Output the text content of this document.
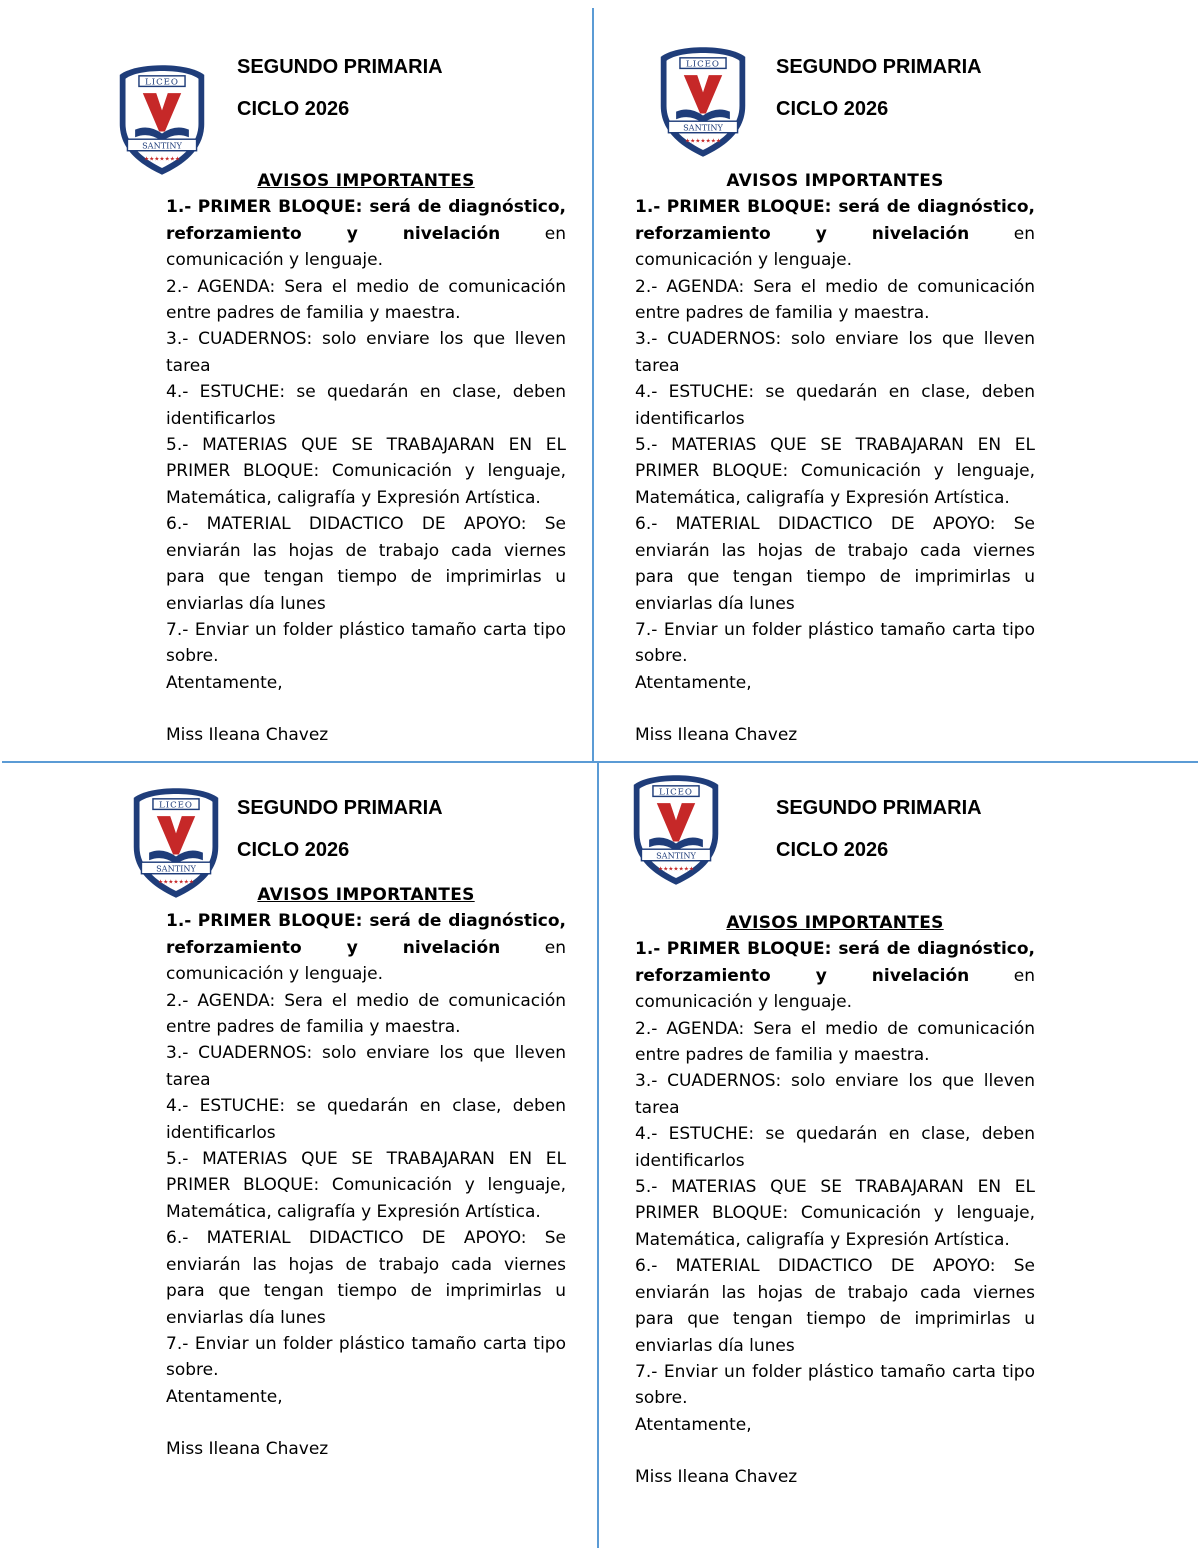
LICEO
SANTINY
★★★★★★★
SEGUNDO PRIMARIA
CICLO 2026
AVISOS IMPORTANTES
1.- PRIMER BLOQUE: será de diagnóstico, reforzamiento y nivelación	en comunicación y lenguaje.
2.- AGENDA: Sera el medio de comunicación entre padres de familia y maestra.
3.- CUADERNOS: solo enviare los que lleven tarea
4.- ESTUCHE: se quedarán en clase, deben identificarlos
5.- MATERIAS QUE SE TRABAJARAN EN EL PRIMER BLOQUE: Comunicación y lenguaje, Matemática, caligrafía y Expresión Artística.
6.- MATERIAL DIDACTICO DE APOYO: Se enviarán las hojas de trabajo cada viernes para que tengan tiempo de imprimirlas u enviarlas día lunes
7.- Enviar un folder plástico tamaño carta tipo sobre.
Atentamente,
Miss Ileana Chavez
LICEO
SANTINY
★★★★★★★
SEGUNDO PRIMARIA
CICLO 2026
AVISOS IMPORTANTES
1.- PRIMER BLOQUE: será de diagnóstico, reforzamiento y nivelación	en comunicación y lenguaje.
2.- AGENDA: Sera el medio de comunicación entre padres de familia y maestra.
3.- CUADERNOS: solo enviare los que lleven tarea
4.- ESTUCHE: se quedarán en clase, deben identificarlos
5.- MATERIAS QUE SE TRABAJARAN EN EL PRIMER BLOQUE: Comunicación y lenguaje, Matemática, caligrafía y Expresión Artística.
6.- MATERIAL DIDACTICO DE APOYO: Se enviarán las hojas de trabajo cada viernes para que tengan tiempo de imprimirlas u enviarlas día lunes
7.- Enviar un folder plástico tamaño carta tipo sobre.
Atentamente,
Miss Ileana Chavez
LICEO
SANTINY
★★★★★★★
SEGUNDO PRIMARIA
CICLO 2026
AVISOS IMPORTANTES
1.- PRIMER BLOQUE: será de diagnóstico, reforzamiento y nivelación	en comunicación y lenguaje.
2.- AGENDA: Sera el medio de comunicación entre padres de familia y maestra.
3.- CUADERNOS: solo enviare los que lleven tarea
4.- ESTUCHE: se quedarán en clase, deben identificarlos
5.- MATERIAS QUE SE TRABAJARAN EN EL PRIMER BLOQUE: Comunicación y lenguaje, Matemática, caligrafía y Expresión Artística.
6.- MATERIAL DIDACTICO DE APOYO: Se enviarán las hojas de trabajo cada viernes para que tengan tiempo de imprimirlas u enviarlas día lunes
7.- Enviar un folder plástico tamaño carta tipo sobre.
Atentamente,
Miss Ileana Chavez
LICEO
SANTINY
★★★★★★★
SEGUNDO PRIMARIA
CICLO 2026
AVISOS IMPORTANTES
1.- PRIMER BLOQUE: será de diagnóstico, reforzamiento y nivelación	en comunicación y lenguaje.
2.- AGENDA: Sera el medio de comunicación entre padres de familia y maestra.
3.- CUADERNOS: solo enviare los que lleven tarea
4.- ESTUCHE: se quedarán en clase, deben identificarlos
5.- MATERIAS QUE SE TRABAJARAN EN EL PRIMER BLOQUE: Comunicación y lenguaje, Matemática, caligrafía y Expresión Artística.
6.- MATERIAL DIDACTICO DE APOYO: Se enviarán las hojas de trabajo cada viernes para que tengan tiempo de imprimirlas u enviarlas día lunes
7.- Enviar un folder plástico tamaño carta tipo sobre.
Atentamente,
Miss Ileana Chavez
